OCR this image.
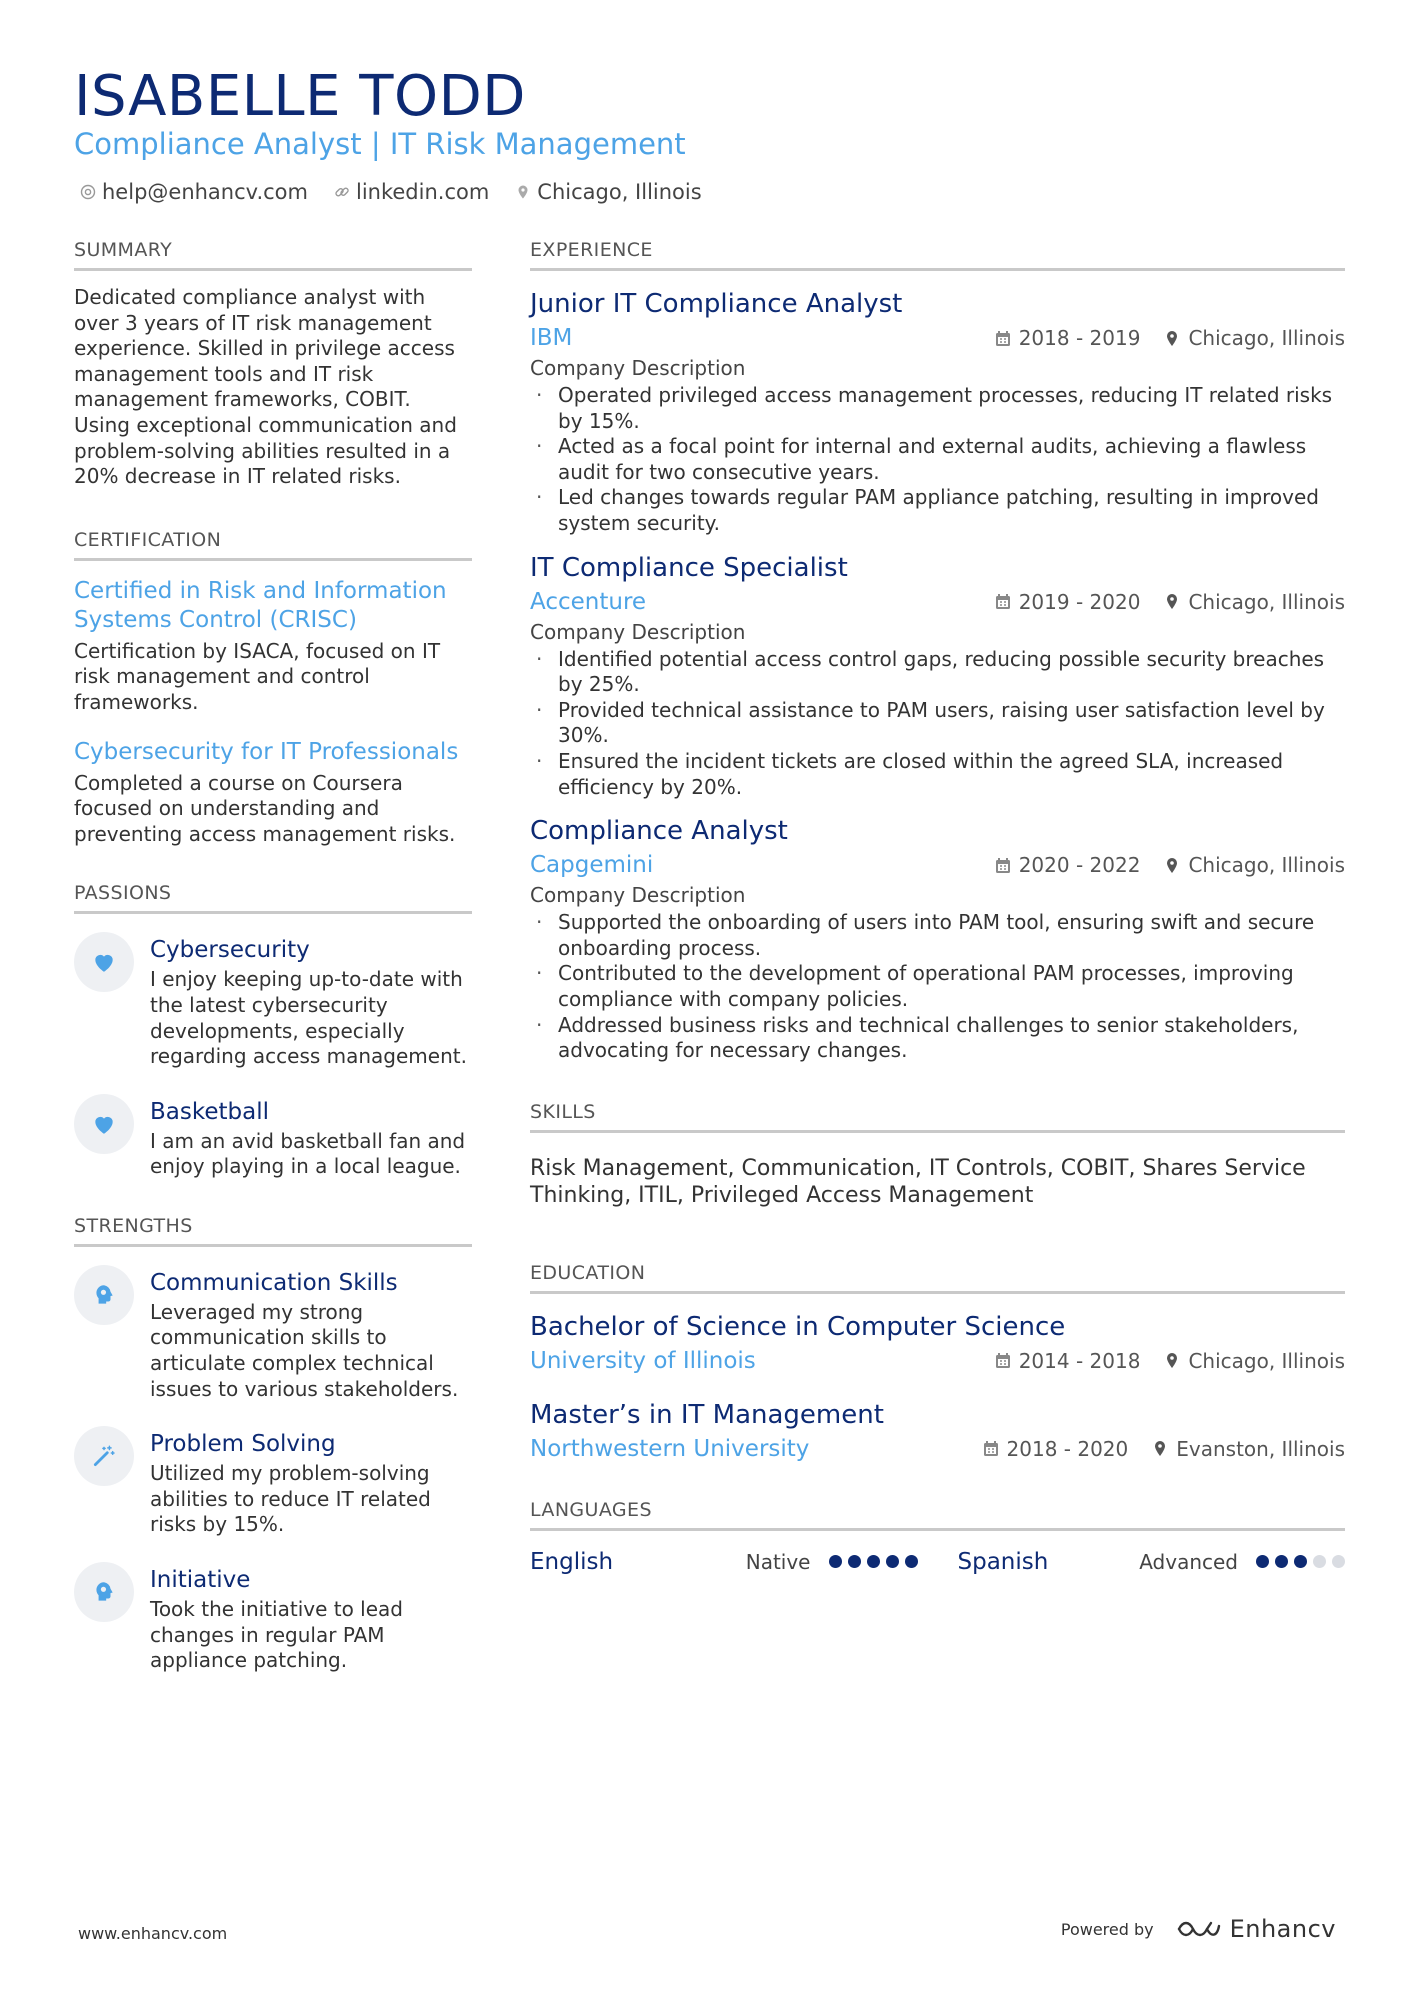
ISABELLE TODD
Compliance Analyst | IT Risk Management
help@enhancv.com linkedin.com Chicago, Illinois
SUMMARY

Dedicated compliance analyst with over 3 years of IT risk management experience. Skilled in privilege access management tools and IT risk management frameworks, COBIT. Using exceptional communication and problem-solving abilities resulted in a 20% decrease in IT related risks.

CERTIFICATION
Certified in Risk and Information Systems Control (CRISC)
Certification by ISACA, focused on IT risk management and control frameworks.
Cybersecurity for IT Professionals
Completed a course on Coursera focused on understanding and preventing access management risks.
PASSIONS
Cybersecurity
I enjoy keeping up-to-date with the latest cybersecurity developments, especially regarding access management.
Basketball
I am an avid basketball fan and enjoy playing in a local league.
STRENGTHS
Communication Skills
Leveraged my strong communication skills to articulate complex technical issues to various stakeholders.
Problem Solving
Utilized my problem-solving abilities to reduce IT related risks by 15%.
Initiative
Took the initiative to lead changes in regular PAM appliance patching.
EXPERIENCE
Junior IT Compliance Analyst
IBM	2018 - 2019 Chicago, Illinois
Company Description
· Operated privileged access management processes, reducing IT related risks by 15%.
· Acted as a focal point for internal and external audits, achieving a flawless audit for two consecutive years.
· Led changes towards regular PAM appliance patching, resulting in improved system security.
IT Compliance Specialist
Accenture	2019 - 2020 Chicago, Illinois
Company Description
· Identified potential access control gaps, reducing possible security breaches by 25%.
· Provided technical assistance to PAM users, raising user satisfaction level by 30%.
· Ensured the incident tickets are closed within the agreed SLA, increased efficiency by 20%.
Compliance Analyst
Capgemini	2020 - 2022 Chicago, Illinois
Company Description
· Supported the onboarding of users into PAM tool, ensuring swift and secure onboarding process.
· Contributed to the development of operational PAM processes, improving compliance with company policies.
· Addressed business risks and technical challenges to senior stakeholders, advocating for necessary changes.
SKILLS

Risk Management, Communication, IT Controls, COBIT, Shares Service Thinking, ITIL, Privileged Access Management

EDUCATION
Bachelor of Science in Computer Science
University of Illinois	2014 - 2018 Chicago, Illinois
Master’s in IT Management
Northwestern University	2018 - 2020 Evanston, Illinois
LANGUAGES
English	Native	Spanish	Advanced
www.enhancv.com	Powered by	Enhancv
